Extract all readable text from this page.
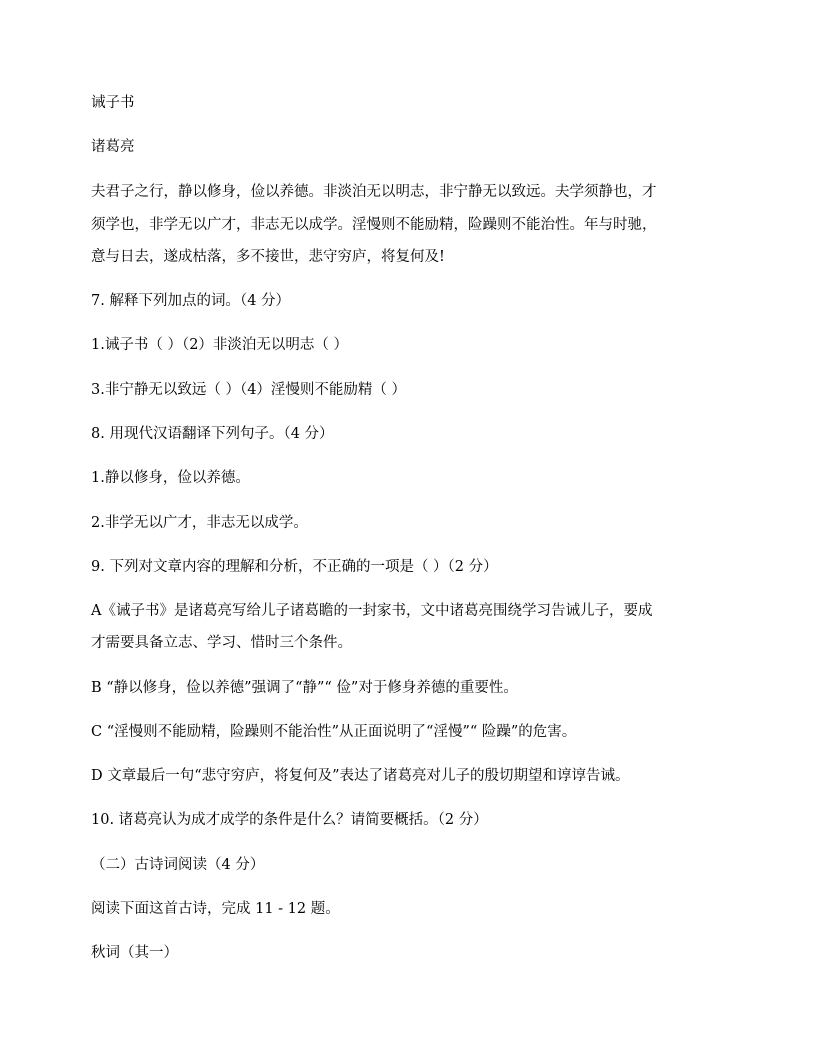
诫子书

诸葛亮

夫君子之行，静以修身，俭以养德。非淡泊无以明志，非宁静无以致远。夫学须静也，才

须学也，非学无以广才，非志无以成学。淫慢则不能励精，险躁则不能治性。年与时驰，

意与日去，遂成枯落，多不接世，悲守穷庐，将复何及!

7. 解释下列加点的词。（4 分）

1.诫子书（ ）（2）非淡泊无以明志（ ）

3.非宁静无以致远（ ）（4）淫慢则不能励精（ ）

8. 用现代汉语翻译下列句子。（4 分）

1.静以修身，俭以养德。

2.非学无以广才，非志无以成学。

9. 下列对文章内容的理解和分析，不正确的一项是（ ）（2 分）

A《诫子书》是诸葛亮写给儿子诸葛瞻的一封家书，文中诸葛亮围绕学习告诫儿子，要成

才需要具备立志、学习、惜时三个条件。

B “静以修身，俭以养德”强调了“静”“ 俭”对于修身养德的重要性。

C “淫慢则不能励精，险躁则不能治性”从正面说明了“淫慢”“ 险躁”的危害。

D 文章最后一句“悲守穷庐，将复何及”表达了诸葛亮对儿子的殷切期望和谆谆告诫。

10. 诸葛亮认为成才成学的条件是什么？请简要概括。（2 分）

（二）古诗词阅读（4 分）

阅读下面这首古诗，完成 11 - 12 题。

秋词（其一）
